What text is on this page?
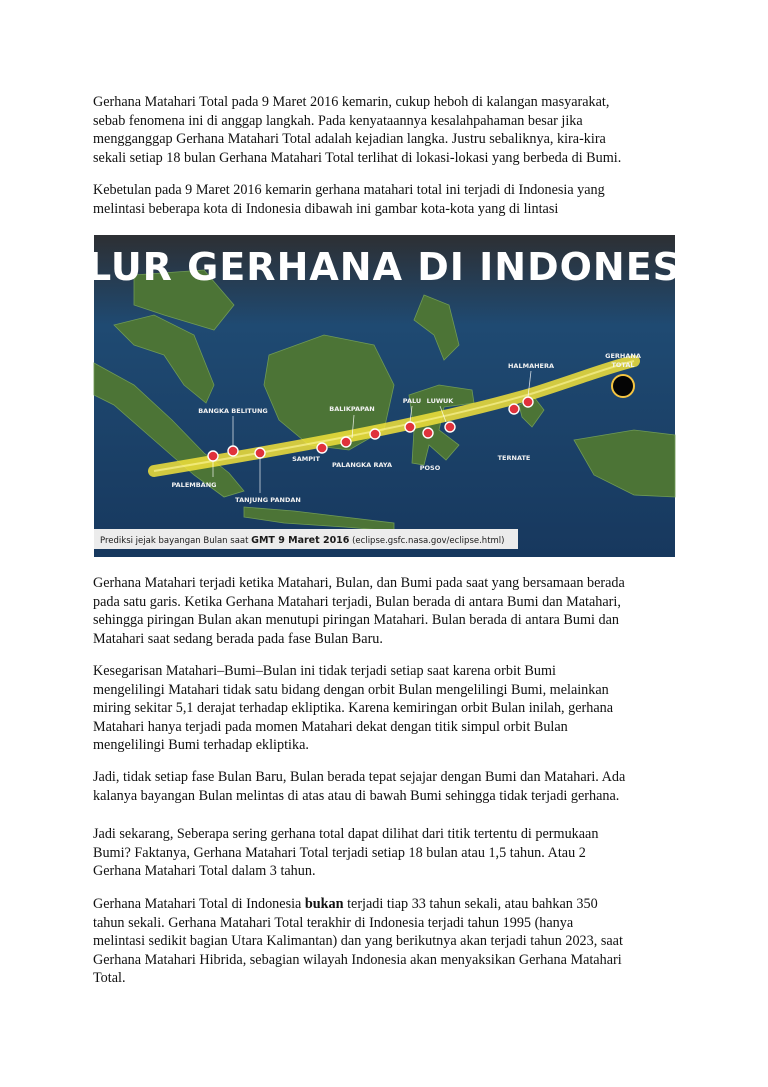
Gerhana Matahari Total pada 9 Maret 2016 kemarin, cukup heboh di kalangan masyarakat,
sebab fenomena ini di anggap langkah. Pada kenyataannya kesalahpahaman besar jika
mengganggap Gerhana Matahari Total adalah kejadian langka. Justru sebaliknya, kira-kira
sekali setiap 18 bulan Gerhana Matahari Total terlihat di lokasi-lokasi yang berbeda di Bumi.
Kebetulan pada 9 Maret 2016 kemarin gerhana matahari total ini terjadi di Indonesia yang
melintasi beberapa kota di Indonesia dibawah ini gambar kota-kota yang di lintasi
GERHANA
TOTAL
JALUR GERHANA DI INDONESIA
BANGKA BELITUNG	BALIKPAPAN
PALU LUWUK
HALMAHERA
TERNATE
POSO
PALANGKA RAYA
SAMPIT
PALEMBANG
TANJUNG PANDAN
Prediksi jejak bayangan Bulan saat GMT 9 Maret 2016 (eclipse.gsfc.nasa.gov/eclipse.html)
Gerhana Matahari terjadi ketika Matahari, Bulan, dan Bumi pada saat yang bersamaan berada
pada satu garis. Ketika Gerhana Matahari terjadi, Bulan berada di antara Bumi dan Matahari,
sehingga piringan Bulan akan menutupi piringan Matahari. Bulan berada di antara Bumi dan
Matahari saat sedang berada pada fase Bulan Baru.
Kesegarisan Matahari–Bumi–Bulan ini tidak terjadi setiap saat karena orbit Bumi
mengelilingi Matahari tidak satu bidang dengan orbit Bulan mengelilingi Bumi, melainkan
miring sekitar 5,1 derajat terhadap ekliptika. Karena kemiringan orbit Bulan inilah, gerhana
Matahari hanya terjadi pada momen Matahari dekat dengan titik simpul orbit Bulan
mengelilingi Bumi terhadap ekliptika.
Jadi, tidak setiap fase Bulan Baru, Bulan berada tepat sejajar dengan Bumi dan Matahari. Ada
kalanya bayangan Bulan melintas di atas atau di bawah Bumi sehingga tidak terjadi gerhana.
Jadi sekarang, Seberapa sering gerhana total dapat dilihat dari titik tertentu di permukaan
Bumi? Faktanya, Gerhana Matahari Total terjadi setiap 18 bulan atau 1,5 tahun. Atau 2
Gerhana Matahari Total dalam 3 tahun.
Gerhana Matahari Total di Indonesia bukan terjadi tiap 33 tahun sekali, atau bahkan 350
tahun sekali. Gerhana Matahari Total terakhir di Indonesia terjadi tahun 1995 (hanya
melintasi sedikit bagian Utara Kalimantan) dan yang berikutnya akan terjadi tahun 2023, saat
Gerhana Matahari Hibrida, sebagian wilayah Indonesia akan menyaksikan Gerhana Matahari
Total.
